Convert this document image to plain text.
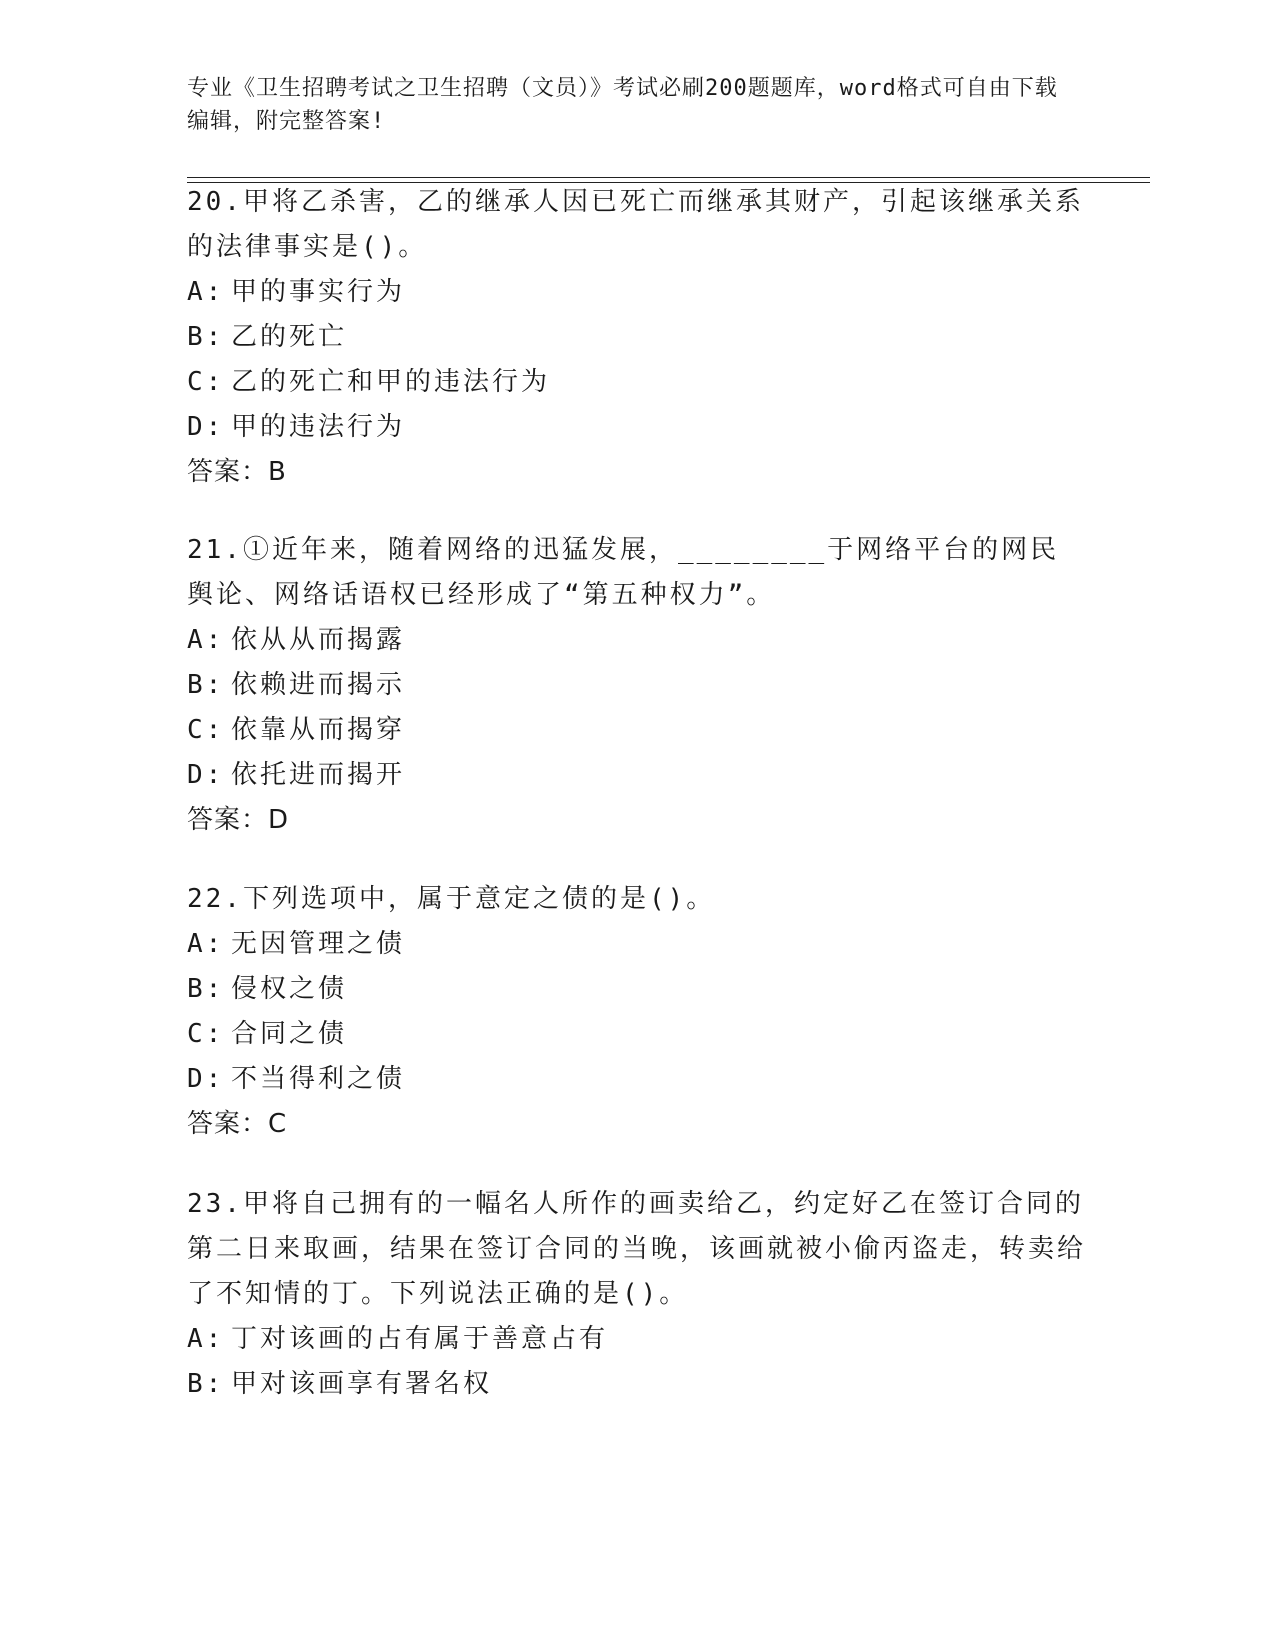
专业《卫生招聘考试之卫生招聘（文员）》考试必刷200题题库，word格式可自由下载编辑，附完整答案!

20.甲将乙杀害，乙的继承人因已死亡而继承其财产，引起该继承关系的法律事实是()。

A: 甲的事实行为

B: 乙的死亡

C: 乙的死亡和甲的违法行为

D: 甲的违法行为

答案：B

21.①近年来，随着网络的迅猛发展，________于网络平台的网民舆论、网络话语权已经形成了“第五种权力”。

A: 依从从而揭露

B: 依赖进而揭示

C: 依靠从而揭穿

D: 依托进而揭开

答案：D

22.下列选项中，属于意定之债的是()。

A: 无因管理之债

B: 侵权之债

C: 合同之债

D: 不当得利之债

答案：C

23.甲将自己拥有的一幅名人所作的画卖给乙，约定好乙在签订合同的第二日来取画，结果在签订合同的当晚，该画就被小偷丙盗走，转卖给了不知情的丁。下列说法正确的是()。

A: 丁对该画的占有属于善意占有

B: 甲对该画享有署名权
